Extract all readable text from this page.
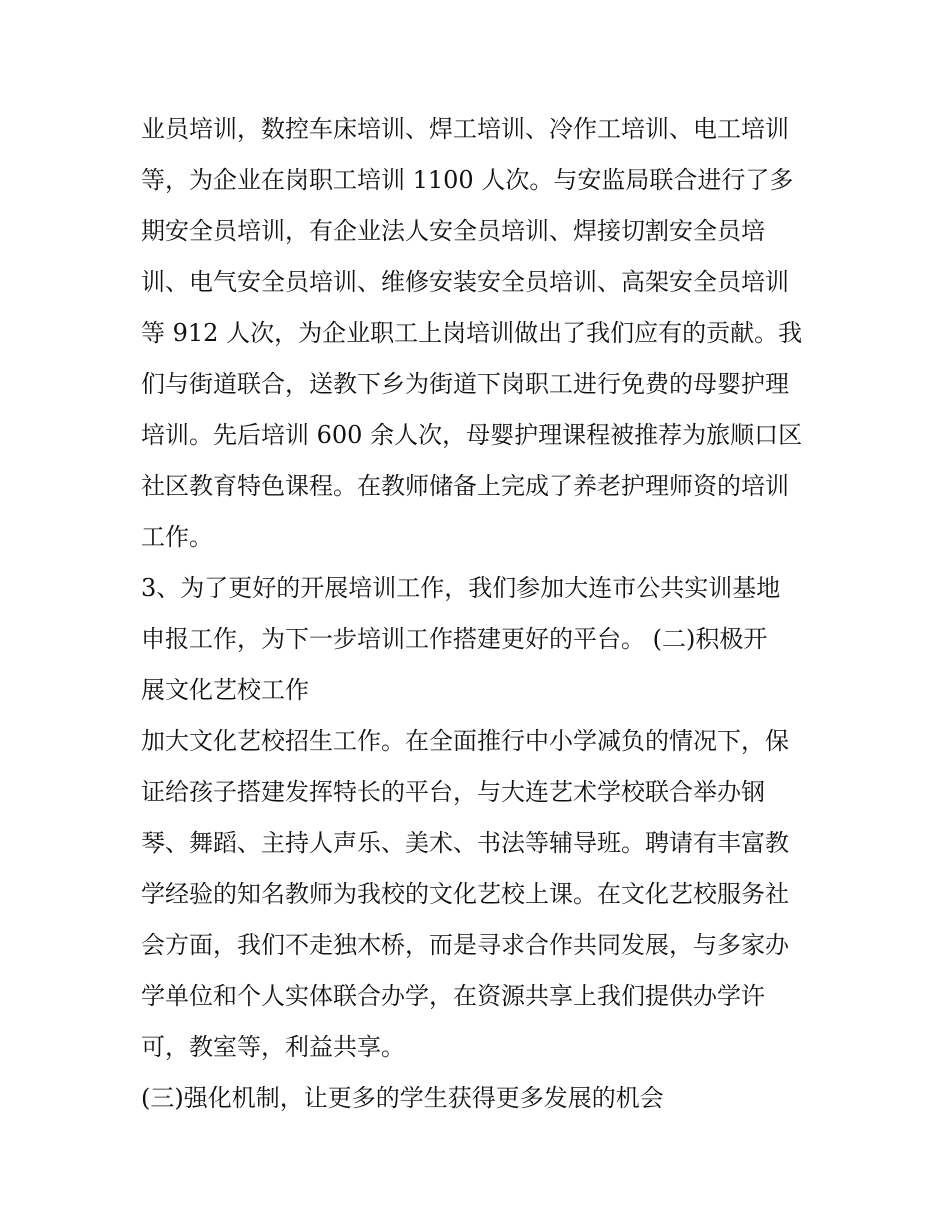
业员培训，数控车床培训、焊工培训、冷作工培训、电工培训
等，为企业在岗职工培训 1100 人次。与安监局联合进行了多
期安全员培训，有企业法人安全员培训、焊接切割安全员培
训、电气安全员培训、维修安装安全员培训、高架安全员培训
等 912 人次，为企业职工上岗培训做出了我们应有的贡献。我
们与街道联合，送教下乡为街道下岗职工进行免费的母婴护理
培训。先后培训 600 余人次，母婴护理课程被推荐为旅顺口区
社区教育特色课程。在教师储备上完成了养老护理师资的培训
工作。
3、为了更好的开展培训工作，我们参加大连市公共实训基地
申报工作，为下一步培训工作搭建更好的平台。 (二)积极开
展文化艺校工作
加大文化艺校招生工作。在全面推行中小学减负的情况下，保
证给孩子搭建发挥特长的平台，与大连艺术学校联合举办钢
琴、舞蹈、主持人声乐、美术、书法等辅导班。聘请有丰富教
学经验的知名教师为我校的文化艺校上课。在文化艺校服务社
会方面，我们不走独木桥，而是寻求合作共同发展，与多家办
学单位和个人实体联合办学，在资源共享上我们提供办学许
可，教室等，利益共享。
(三)强化机制，让更多的学生获得更多发展的机会
